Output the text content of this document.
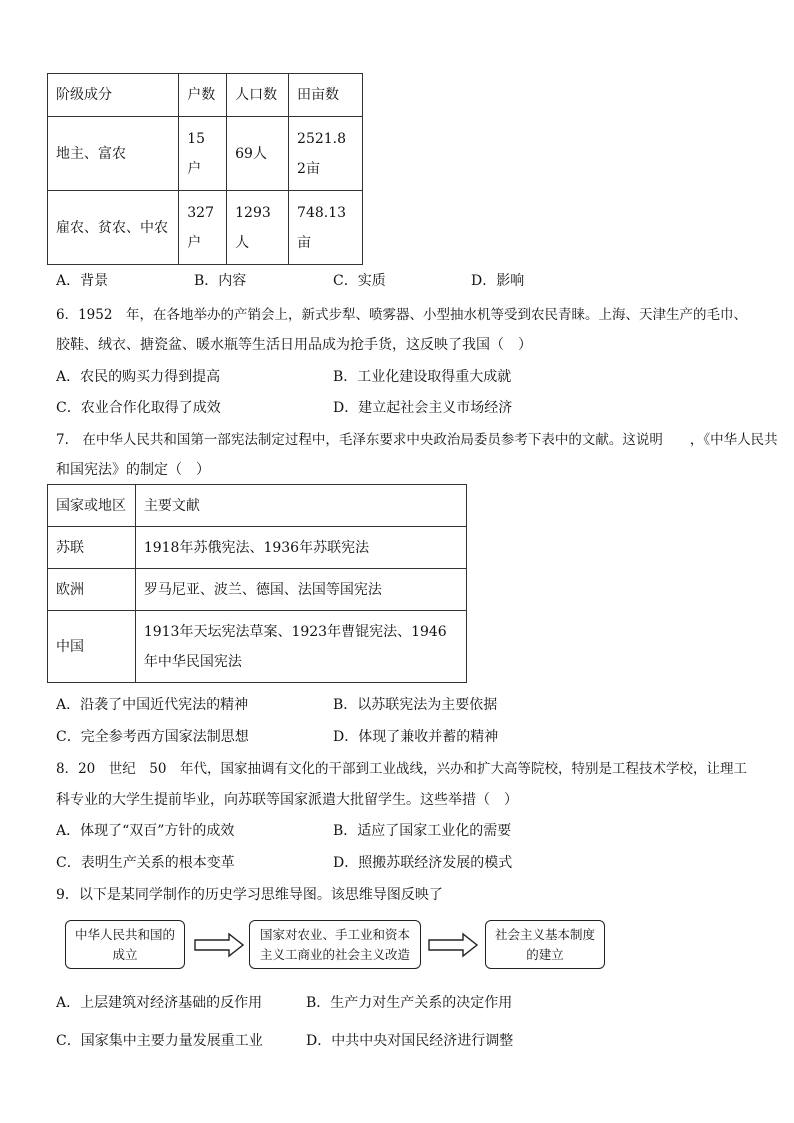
阶级成分	户数	人口数	田亩数
地主、富农	15户	69人	2521.82亩
雇农、贫农、中农	327户	1293人	748.13亩
A．背景	B．内容	C．实质	D．影响
6．1952　年，在各地举办的产销会上，新式步犁、喷雾器、小型抽水机等受到农民青睐。上海、天津生产的毛巾、
胶鞋、绒衣、搪瓷盆、暖水瓶等生活日用品成为抢手货，这反映了我国（　）
A．农民的购买力得到提高	B．工业化建设取得重大成就
C．农业合作化取得了成效	D．建立起社会主义市场经济
7.　在中华人民共和国第一部宪法制定过程中，毛泽东要求中央政治局委员参考下表中的文献。这说明　　，《中华人民共
和国宪法》的制定（　）
国家或地区	主要文献
苏联	1918年苏俄宪法、1936年苏联宪法
欧洲	罗马尼亚、波兰、德国、法国等国宪法
中国	1913年天坛宪法草案、1923年曹锟宪法、1946年中华民国宪法
A．沿袭了中国近代宪法的精神	B．以苏联宪法为主要依据
C．完全参考西方国家法制思想	D．体现了兼收并蓄的精神
8．20　世纪　50　年代，国家抽调有文化的干部到工业战线，兴办和扩大高等院校，特别是工程技术学校，让理工
科专业的大学生提前毕业，向苏联等国家派遣大批留学生。这些举措（　）
A．体现了“双百”方针的成效	B．适应了国家工业化的需要
C．表明生产关系的根本变革	D．照搬苏联经济发展的模式
9．以下是某同学制作的历史学习思维导图。该思维导图反映了
中华人民共和国的成立
国家对农业、手工业和资本主义工商业的社会主义改造
社会主义基本制度的建立
A．上层建筑对经济基础的反作用	B．生产力对生产关系的决定作用
C．国家集中主要力量发展重工业	D．中共中央对国民经济进行调整
